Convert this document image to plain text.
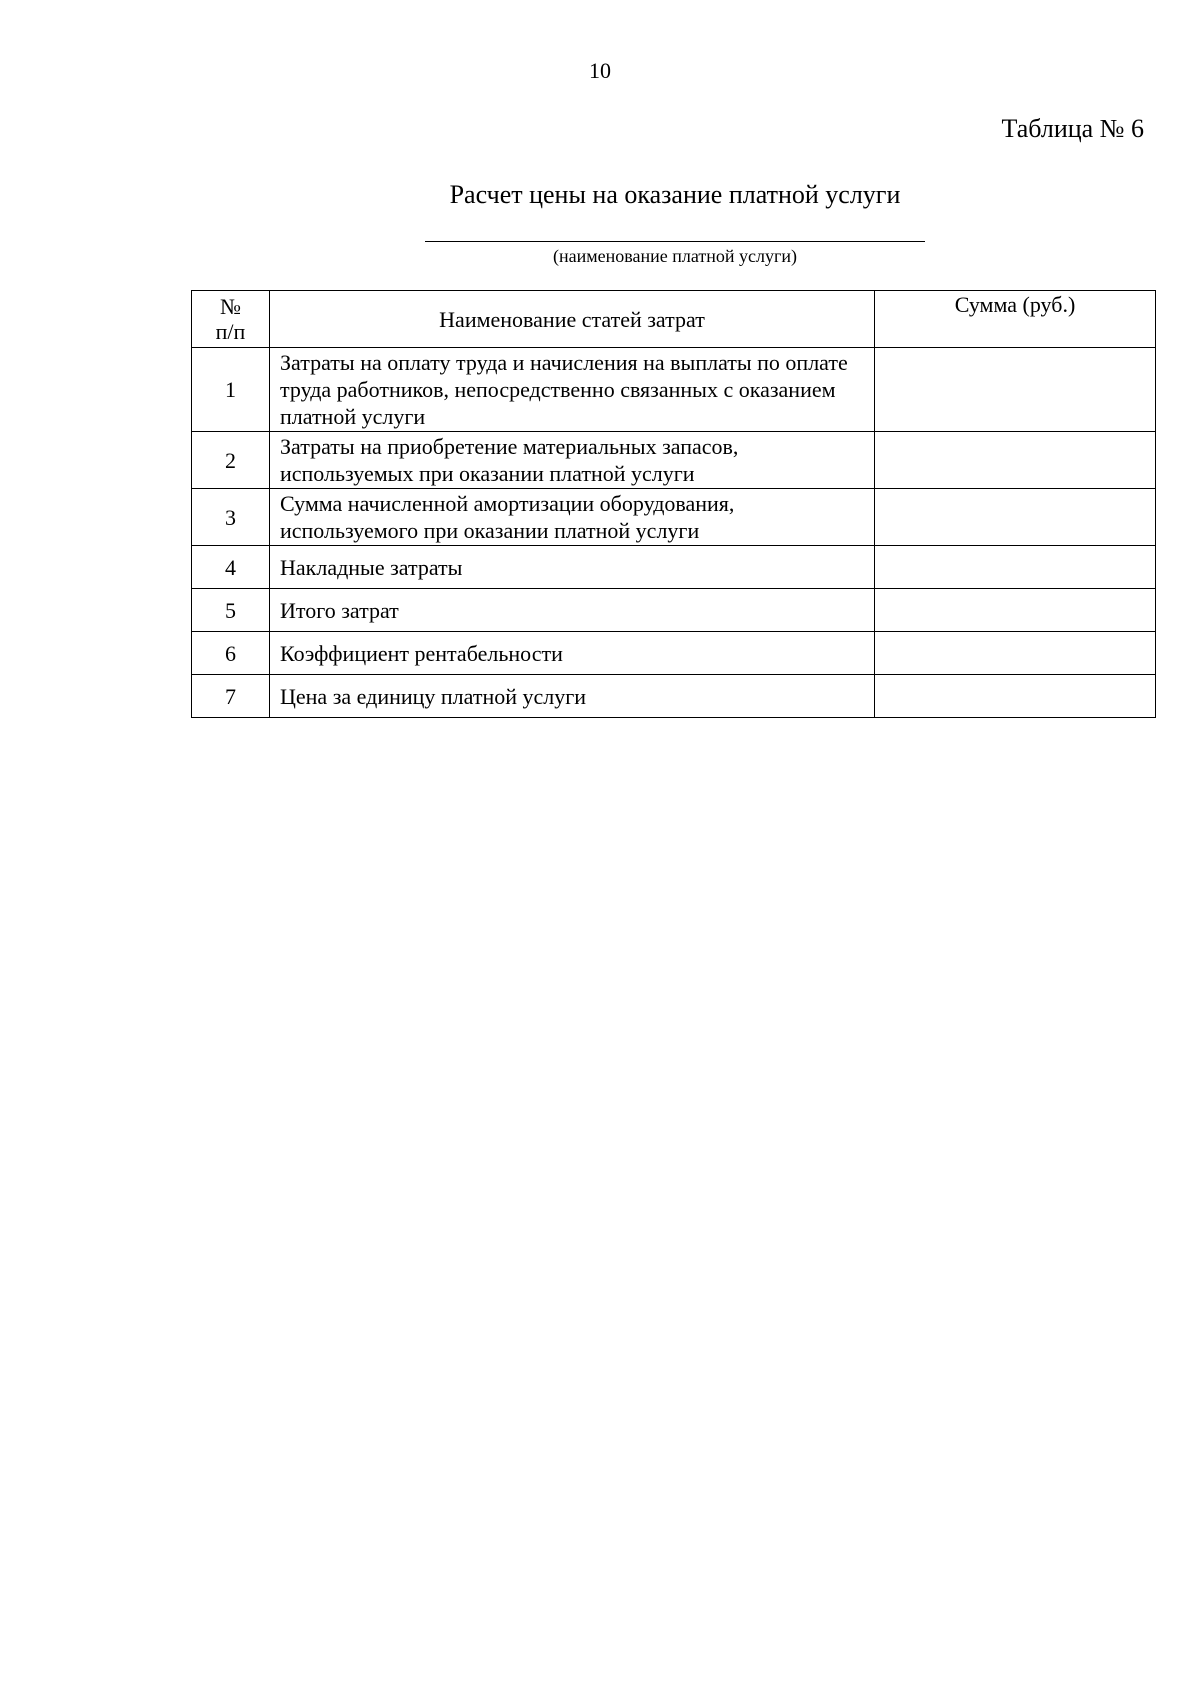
10
Таблица № 6
Расчет цены на оказание платной услуги
(наименование платной услуги)
№
п/п	Наименование статей затрат	Сумма (руб.)
1	Затраты на оплату труда и начисления на выплаты по оплате труда работников, непосредственно связанных с оказанием платной услуги	
2	Затраты на приобретение материальных запасов, используемых при оказании платной услуги	
3	Сумма начисленной амортизации оборудования, используемого при оказании платной услуги	
4	Накладные затраты	
5	Итого затрат	
6	Коэффициент рентабельности	
7	Цена за единицу платной услуги	
